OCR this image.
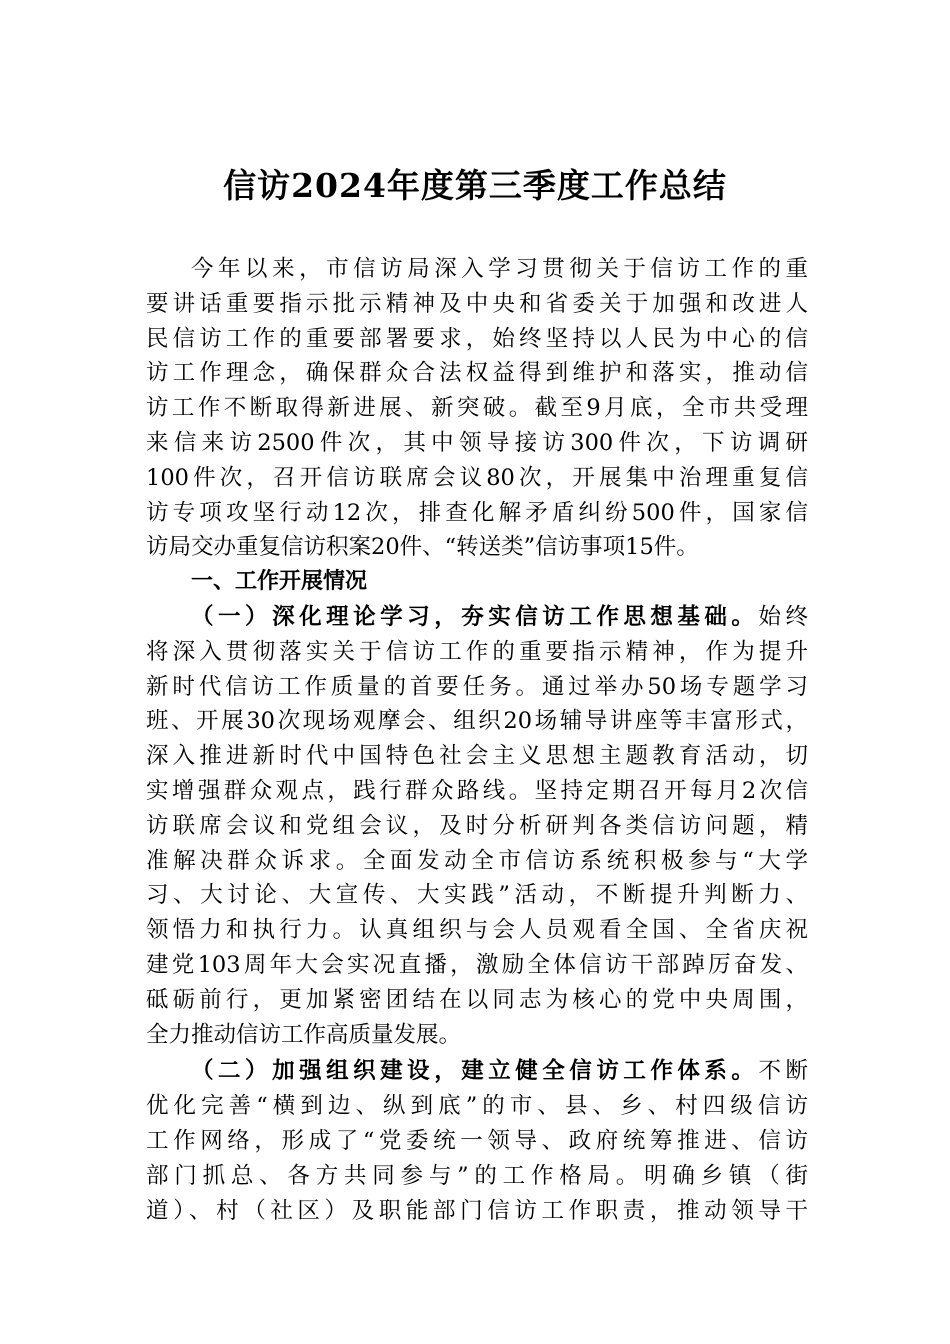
信访2024年度第三季度工作总结
今年以来，市信访局深入学习贯彻关于信访工作的重
要讲话重要指示批示精神及中央和省委关于加强和改进人
民信访工作的重要部署要求，始终坚持以人民为中心的信
访工作理念，确保群众合法权益得到维护和落实，推动信
访工作不断取得新进展、新突破。截至9月底，全市共受理
来信来访2500件次，其中领导接访300件次，下访调研
100件次，召开信访联席会议80次，开展集中治理重复信
访专项攻坚行动12次，排查化解矛盾纠纷500件，国家信
访局交办重复信访积案20件、“转送类”信访事项15件。
一、工作开展情况
（一）深化理论学习，夯实信访工作思想基础。始终
将深入贯彻落实关于信访工作的重要指示精神，作为提升
新时代信访工作质量的首要任务。通过举办50场专题学习
班、开展30次现场观摩会、组织20场辅导讲座等丰富形式，
深入推进新时代中国特色社会主义思想主题教育活动，切
实增强群众观点，践行群众路线。坚持定期召开每月2次信
访联席会议和党组会议，及时分析研判各类信访问题，精
准解决群众诉求。全面发动全市信访系统积极参与“大学
习、大讨论、大宣传、大实践”活动，不断提升判断力、
领悟力和执行力。认真组织与会人员观看全国、全省庆祝
建党103周年大会实况直播，激励全体信访干部踔厉奋发、
砥砺前行，更加紧密团结在以同志为核心的党中央周围，
全力推动信访工作高质量发展。
（二）加强组织建设，建立健全信访工作体系。不断
优化完善“横到边、纵到底”的市、县、乡、村四级信访
工作网络，形成了“党委统一领导、政府统筹推进、信访
部门抓总、各方共同参与”的工作格局。明确乡镇（街
道）、村（社区）及职能部门信访工作职责，推动领导干
